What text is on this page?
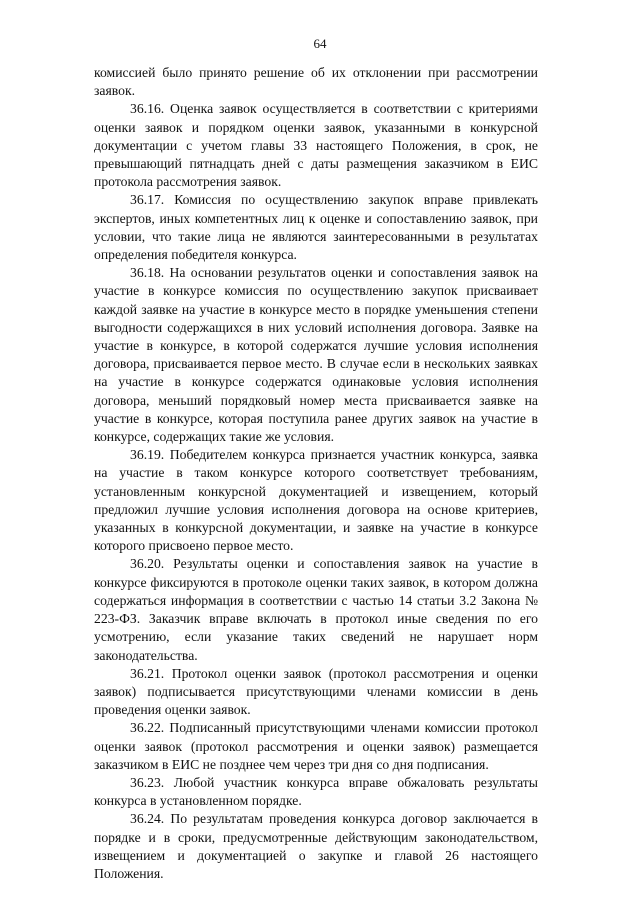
64

комиссией было принято решение об их отклонении при рассмотрении заявок.

36.16. Оценка заявок осуществляется в соответствии с критериями оценки заявок и порядком оценки заявок, указанными в конкурсной документации с учетом главы 33 настоящего Положения, в срок, не превышающий пятнадцать дней с даты размещения заказчиком в ЕИС протокола рассмотрения заявок.

36.17. Комиссия по осуществлению закупок вправе привлекать экспертов, иных компетентных лиц к оценке и сопоставлению заявок, при условии, что такие лица не являются заинтересованными в результатах определения победителя конкурса.

36.18. На основании результатов оценки и сопоставления заявок на участие в конкурсе комиссия по осуществлению закупок присваивает каждой заявке на участие в конкурсе место в порядке уменьшения степени выгодности содержащихся в них условий исполнения договора. Заявке на участие в конкурсе, в которой содержатся лучшие условия исполнения договора, присваивается первое место. В случае если в нескольких заявках на участие в конкурсе содержатся одинаковые условия исполнения договора, меньший порядковый номер места присваивается заявке на участие в конкурсе, которая поступила ранее других заявок на участие в конкурсе, содержащих такие же условия.

36.19. Победителем конкурса признается участник конкурса, заявка на участие в таком конкурсе которого соответствует требованиям, установленным конкурсной документацией и извещением, который предложил лучшие условия исполнения договора на основе критериев, указанных в конкурсной документации, и заявке на участие в конкурсе которого присвоено первое место.

36.20. Результаты оценки и сопоставления заявок на участие в конкурсе фиксируются в протоколе оценки таких заявок, в котором должна содержаться информация в соответствии с частью 14 статьи 3.2 Закона № 223-ФЗ. Заказчик вправе включать в протокол иные сведения по его усмотрению, если указание таких сведений не нарушает норм законодательства.

36.21. Протокол оценки заявок (протокол рассмотрения и оценки заявок) подписывается присутствующими членами комиссии в день проведения оценки заявок.

36.22. Подписанный присутствующими членами комиссии протокол оценки заявок (протокол рассмотрения и оценки заявок) размещается заказчиком в ЕИС не позднее чем через три дня со дня подписания.

36.23. Любой участник конкурса вправе обжаловать результаты конкурса в установленном порядке.

36.24. По результатам проведения конкурса договор заключается в порядке и в сроки, предусмотренные действующим законодательством, извещением и документацией о закупке и главой 26 настоящего Положения.
